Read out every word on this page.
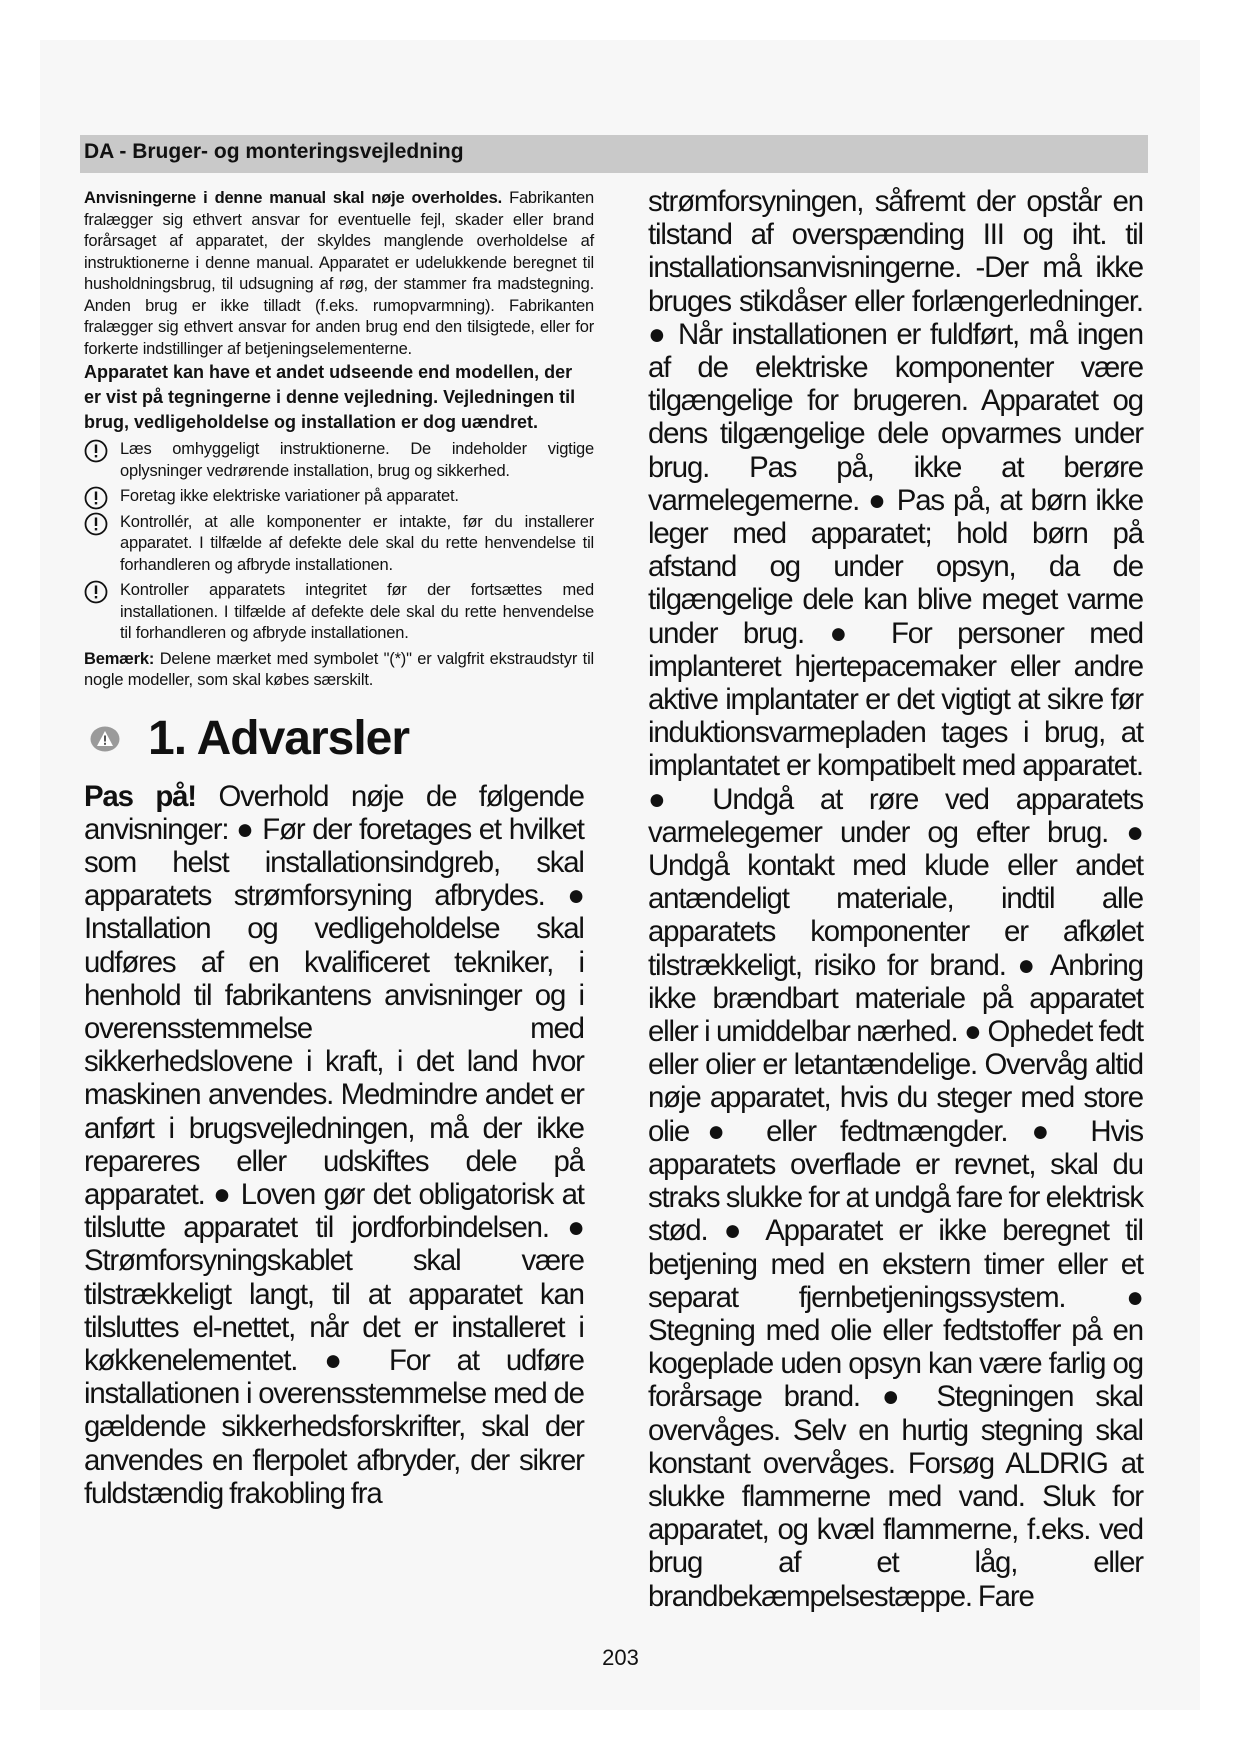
DA - Bruger- og monteringsvejledning

Anvisningerne i denne manual skal nøje overholdes. Fabrikanten fralægger sig ethvert ansvar for eventuelle fejl, skader eller brand forårsaget af apparatet, der skyldes manglende overholdelse af instruktionerne i denne manual. Apparatet er udelukkende beregnet til husholdningsbrug, til udsugning af røg, der stammer fra madstegning. Anden brug er ikke tilladt (f.eks. rumopvarmning). Fabrikanten fralægger sig ethvert ansvar for anden brug end den tilsigtede, eller for forkerte indstillinger af betjeningselementerne.

Apparatet kan have et andet udseende end modellen, der er vist på tegningerne i denne vejledning. Vejledningen til brug, vedligeholdelse og installation er dog uændret.

Læs omhyggeligt instruktionerne. De indeholder vigtige oplysninger vedrørende installation, brug og sikkerhed.

Foretag ikke elektriske variationer på apparatet.

Kontrollér, at alle komponenter er intakte, før du installerer apparatet. I tilfælde af defekte dele skal du rette henvendelse til forhandleren og afbryde installationen.

Kontroller apparatets integritet før der fortsættes med installationen. I tilfælde af defekte dele skal du rette henvendelse til forhandleren og afbryde installationen.

Bemærk: Delene mærket med symbolet "(*)" er valgfrit ekstraudstyr til nogle modeller, som skal købes særskilt.

1. Advarsler

Pas på! Overhold nøje de følgende anvisninger: ● Før der foretages et hvilket som helst installationsindgreb, skal apparatets strømforsyning afbrydes. ● Installation og vedligeholdelse skal udføres af en kvalificeret tekniker, i henhold til fabrikantens anvisninger og i overensstemmelse med sikkerhedslovene i kraft, i det land hvor maskinen anvendes. Medmindre andet er anført i brugsvejledningen, må der ikke repareres eller udskiftes dele på apparatet. ● Loven gør det obligatorisk at tilslutte apparatet til jordforbindelsen. ● Strømforsyningskablet skal være tilstrækkeligt langt, til at apparatet kan tilsluttes el-nettet, når det er installeret i køkkenelementet. ● For at udføre installationen i overensstemmelse med de gældende sikkerhedsforskrifter, skal der anvendes en flerpolet afbryder, der sikrer fuldstændig frakobling fra

strømforsyningen, såfremt der opstår en tilstand af overspænding III og iht. til installationsanvisningerne. -Der må ikke bruges stikdåser eller forlængerledninger. ● Når installationen er fuldført, må ingen af de elektriske komponenter være tilgængelige for brugeren. Apparatet og dens tilgængelige dele opvarmes under brug. Pas på, ikke at berøre varmelegemerne. ● Pas på, at børn ikke leger med apparatet; hold børn på afstand og under opsyn, da de tilgængelige dele kan blive meget varme under brug. ● For personer med implanteret hjertepacemaker eller andre aktive implantater er det vigtigt at sikre før induktionsvarmepladen tages i brug, at implantatet er kompatibelt med apparatet. ● Undgå at røre ved apparatets varmelegemer under og efter brug. ● Undgå kontakt med klude eller andet antændeligt materiale, indtil alle apparatets komponenter er afkølet tilstrækkeligt, risiko for brand. ● Anbring ikke brændbart materiale på apparatet eller i umiddelbar nærhed. ● Ophedet fedt eller olier er letantændelige. Overvåg altid nøje apparatet, hvis du steger med store olie● eller fedtmængder. ● Hvis apparatets overflade er revnet, skal du straks slukke for at undgå fare for elektrisk stød. ● Apparatet er ikke beregnet til betjening med en ekstern timer eller et separat fjernbetjeningssystem. ● Stegning med olie eller fedtstoffer på en kogeplade uden opsyn kan være farlig og forårsage brand. ● Stegningen skal overvåges. Selv en hurtig stegning skal konstant overvåges. Forsøg ALDRIG at slukke flammerne med vand. Sluk for apparatet, og kvæl flammerne, f.eks. ved brug af et låg, eller brandbekæmpelsestæppe. Fare

203
